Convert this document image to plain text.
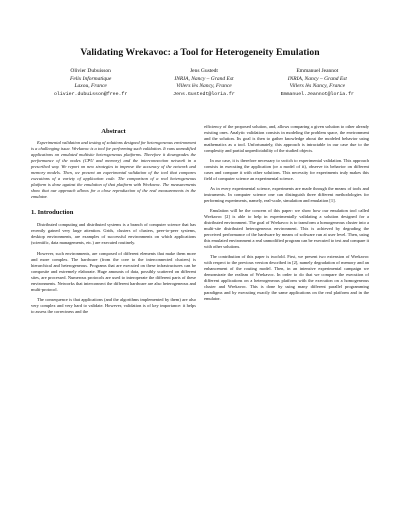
Validating Wrekavoc: a Tool for Heterogeneity Emulation
Olivier Dubuisson
Felix Informatique
Laxou, France
olivier.dubuisson@free.fr
Jens Gustedt
INRIA, Nancy – Grand Est
Villers lès Nancy, France
Jens.Gustedt@loria.fr
Emmanuel Jeannot
INRIA, Nancy – Grand Est
Villers lès Nancy, France
Emmanuel.Jeannot@loria.fr
Abstract

Experimental validation and testing of solutions designed for heterogeneous environment is a challenging issue. Wrekavoc is a tool for performing such validation. It runs unmodified applications on emulated multisite heterogeneous platforms. Therefore it downgrades the performance of the nodes (CPU and memory) and the interconnection network in a prescribed way. We report on new strategies to improve the accuracy of the network and memory models. Then, we present an experimental validation of the tool that compares executions of a variety of application code. The comparison of a real heterogeneous platform is done against the emulation of that platform with Wrekavoc. The measurements show that our approach allows for a close reproduction of the real measurements in the emulator.

1. Introduction

Distributed computing and distributed systems is a branch of computer science that has recently gained very large attention. Grids, clusters of clusters, peer-to-peer systems, desktop environments, are examples of successful environments on which applications (scientific, data managements, etc.) are executed routinely.

However, such environments, are composed of different elements that make them more and more complex. The hardware (from the core to the interconnected clusters) is hierarchical and heterogeneous. Programs that are executed on these infrastructures can be composite and extremely elaborate. Huge amounts of data, possibly scattered on different sites, are processed. Numerous protocols are used to interoperate the different parts of these environments. Networks that interconnect the different hardware are also heterogeneous and multi-protocol.

The consequence is that applications (and the algorithms implemented by them) are also very complex and very hard to validate. However, validation is of key importance: it helps to assess the correctness and the

efficiency of the proposed solution, and, allows comparing a given solution to other already existing ones. Analytic validation consists in modeling the problem space, the environment and the solution. Its goal is then to gather knowledge about the modeled behavior using mathematics as a tool. Unfortunately, this approach is intractable in our case due to the complexity and partial unpredictability of the studied objects.

In our case, it is therefore necessary to switch to experimental validation. This approach consists in executing the application (or a model of it), observe its behavior on different cases and compare it with other solutions. This necessity for experiments truly makes this field of computer science an experimental science.

As in every experimental science, experiments are made through the means of tools and instruments. In computer science one can distinguish three different methodologies for performing experiments, namely, real-scale, simulation and emulation [1].

Emulation will be the concern of this paper: we show how our emulation tool called Wrekavoc [2] is able to help in experimentally validating a solution designed for a distributed environment. The goal of Wrekavoc is to transform a homogeneous cluster into a multi-site distributed heterogeneous environment. This is achieved by degrading the perceived performance of the hardware by means of software run at user level. Then, using this emulated environment a real unmodified program can be executed to test and compare it with other solutions.

The contribution of this paper is twofold. First, we present two extension of Wrekavoc with respect to the previous version described in [2], namely degradation of memory and an enhancement of the routing model. Then, in an intensive experimental campaign we demonstrate the realism of Wrekavoc. In order to do that we compare the execution of different applications on a heterogeneous platform with the execution on a homogeneous cluster and Wrekavoc. This is done by using many different parallel programming paradigms and by executing exactly the same applications on the real platform and in the emulator.
